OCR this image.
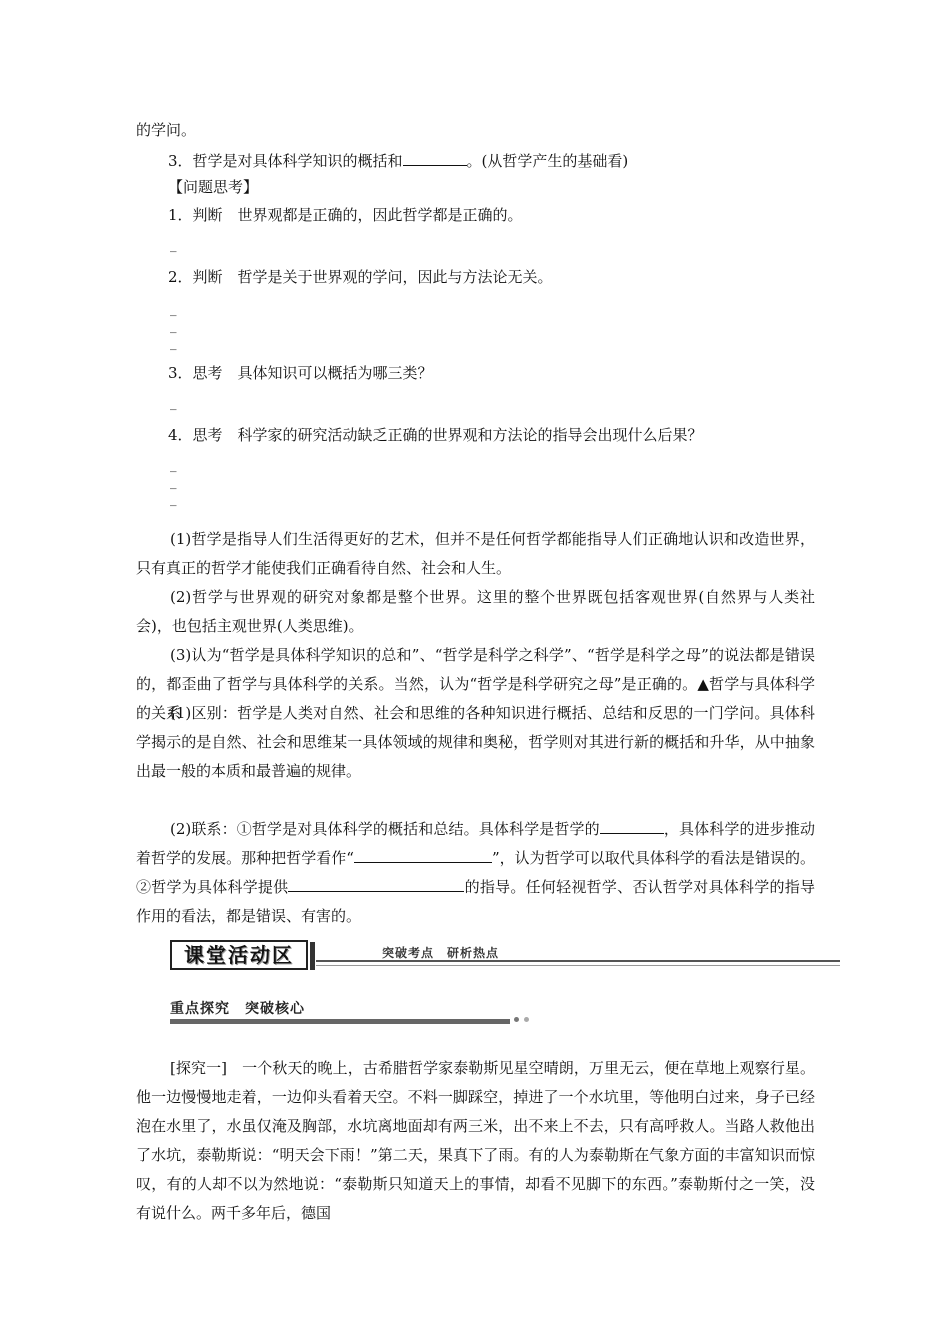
的学问。
3．哲学是对具体科学知识的概括和	。(从哲学产生的基础看)
【问题思考】
1．判断　世界观都是正确的，因此哲学都是正确的。
_
2．判断　哲学是关于世界观的学问，因此与方法论无关。
_
_
_
3．思考　具体知识可以概括为哪三类？
_
4．思考　科学家的研究活动缺乏正确的世界观和方法论的指导会出现什么后果？
_
_
_

(1)哲学是指导人们生活得更好的艺术，但并不是任何哲学都能指导人们正确地认识和改造世界，只有真正的哲学才能使我们正确看待自然、社会和人生。

(2)哲学与世界观的研究对象都是整个世界。这里的整个世界既包括客观世界(自然界与人类社会)，也包括主观世界(人类思维)。

(3)认为“哲学是具体科学知识的总和”、“哲学是科学之科学”、“哲学是科学之母”的说法都是错误的，都歪曲了哲学与具体科学的关系。当然，认为“哲学是科学研究之母”是正确的。▲哲学与具体科学的关系

(1)区别：哲学是人类对自然、社会和思维的各种知识进行概括、总结和反思的一门学问。具体科学揭示的是自然、社会和思维某一具体领域的规律和奥秘，哲学则对其进行新的概括和升华，从中抽象出最一般的本质和最普遍的规律。

(2)联系：①哲学是对具体科学的概括和总结。具体科学是哲学的	，具体科学的进步推动着哲学的发展。那种把哲学看作“	”，认为哲学可以取代具体科学的看法是错误的。②哲学为具体科学提供	的指导。任何轻视哲学、否认哲学对具体科学的指导作用的看法，都是错误、有害的。

课堂活动区	突破考点　研析热点
重点探究　突破核心

[探究一]　一个秋天的晚上，古希腊哲学家泰勒斯见星空晴朗，万里无云，便在草地上观察行星。他一边慢慢地走着，一边仰头看着天空。不料一脚踩空，掉进了一个水坑里，等他明白过来，身子已经泡在水里了，水虽仅淹及胸部，水坑离地面却有两三米，出不来上不去，只有高呼救人。当路人救他出了水坑，泰勒斯说：“明天会下雨！”第二天，果真下了雨。有的人为泰勒斯在气象方面的丰富知识而惊叹，有的人却不以为然地说：“泰勒斯只知道天上的事情，却看不见脚下的东西。”泰勒斯付之一笑，没有说什么。两千多年后，德国
